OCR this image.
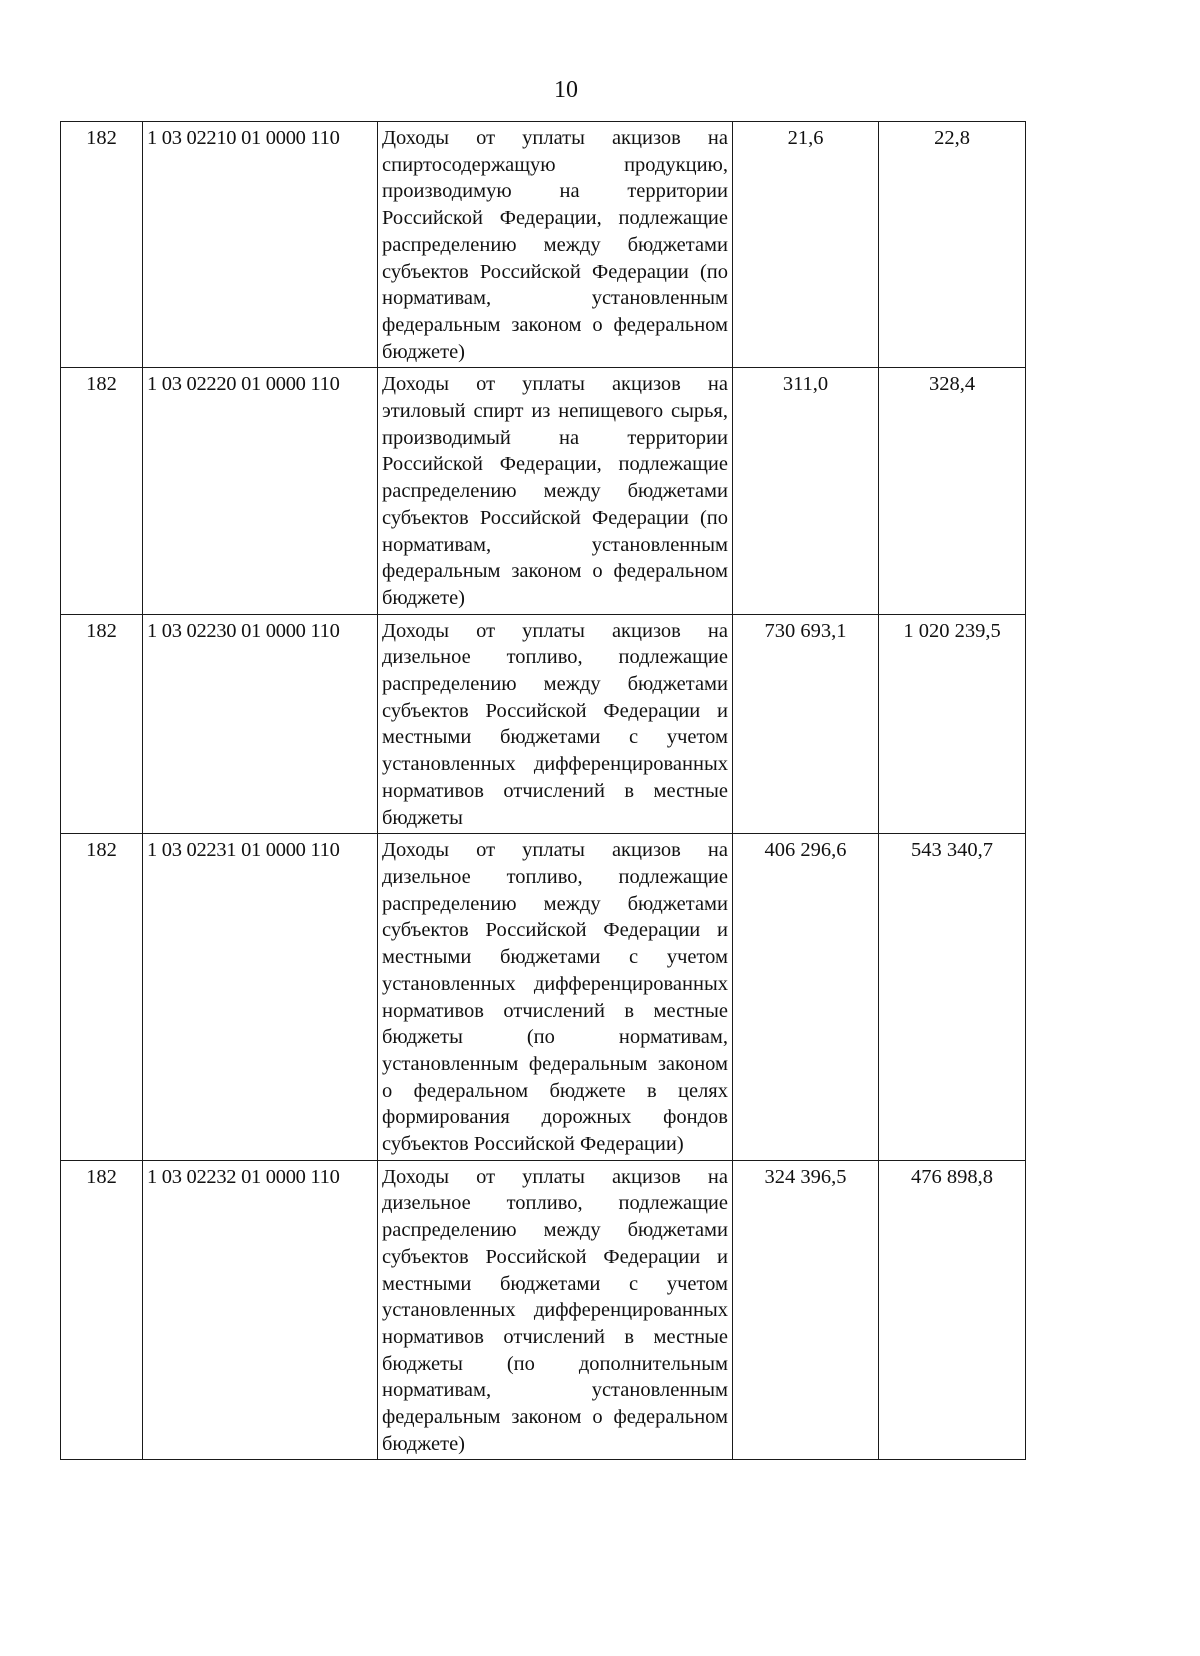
10
182	1 03 02210 01 0000 110	Доходы от уплаты акцизов на спиртосодержащую продукцию, производимую на территории Российской Федерации, подлежащие распределению между бюджетами субъектов Российской Федерации (по нормативам, установленным федеральным законом о федеральном бюджете)	21,6	22,8
182	1 03 02220 01 0000 110	Доходы от уплаты акцизов на этиловый спирт из непищевого сырья, производимый на территории Российской Федерации, подлежащие распределению между бюджетами субъектов Российской Федерации (по нормативам, установленным федеральным законом о федеральном бюджете)	311,0	328,4
182	1 03 02230 01 0000 110	Доходы от уплаты акцизов на дизельное топливо, подлежащие распределению между бюджетами субъектов Российской Федерации и местными бюджетами с учетом установленных дифференцированных нормативов отчислений в местные бюджеты	730 693,1	1 020 239,5
182	1 03 02231 01 0000 110	Доходы от уплаты акцизов на дизельное топливо, подлежащие распределению между бюджетами субъектов Российской Федерации и местными бюджетами с учетом установленных дифференцированных нормативов отчислений в местные бюджеты (по нормативам, установленным федеральным законом о федеральном бюджете в целях формирования дорожных фондов субъектов Российской Федерации)	406 296,6	543 340,7
182	1 03 02232 01 0000 110	Доходы от уплаты акцизов на дизельное топливо, подлежащие распределению между бюджетами субъектов Российской Федерации и местными бюджетами с учетом установленных дифференцированных нормативов отчислений в местные бюджеты (по дополнительным нормативам, установленным федеральным законом о федеральном бюджете)	324 396,5	476 898,8
